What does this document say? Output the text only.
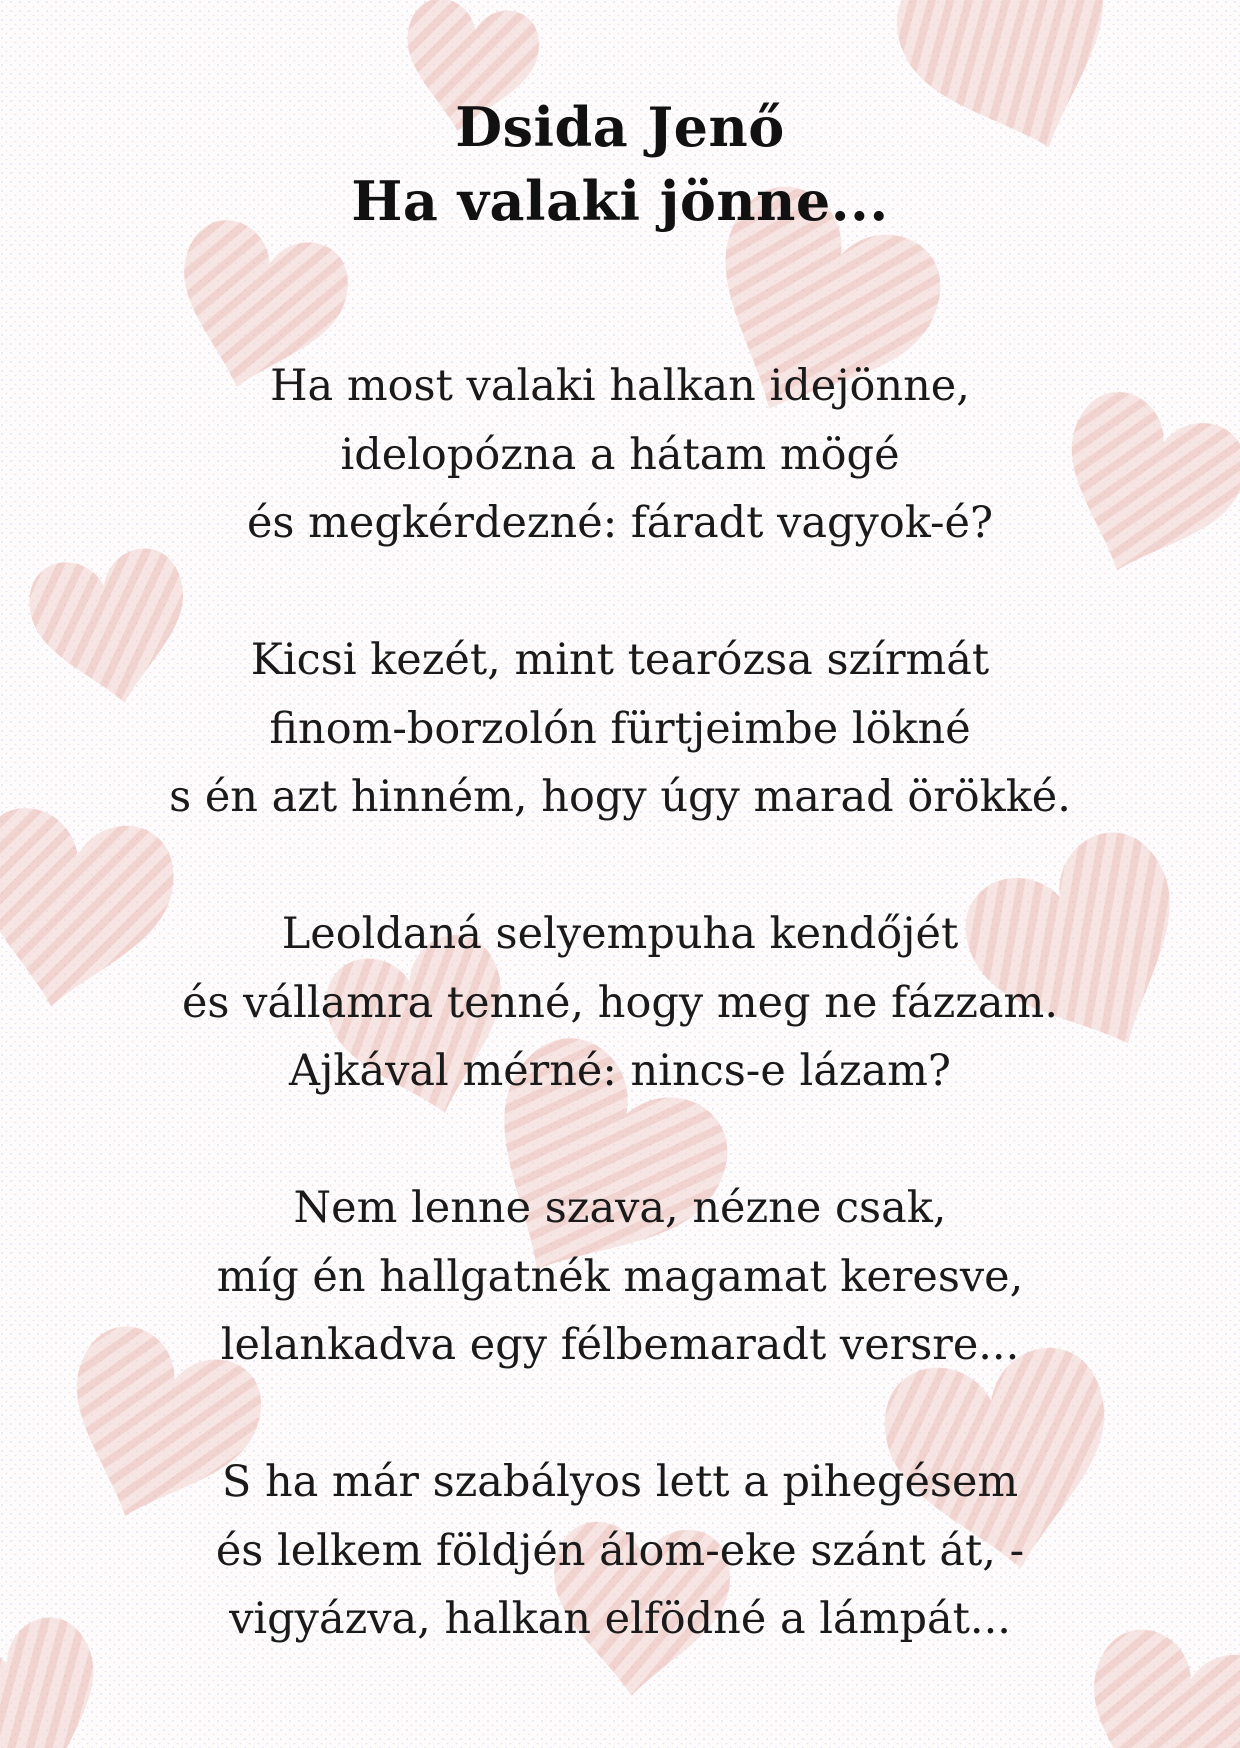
Dsida Jenő
Ha valaki jönne...
Ha most valaki halkan idejönne,
idelopózna a hátam mögé
és megkérdezné: fáradt vagyok-é?
Kicsi kezét, mint tearózsa szírmát
finom-borzolón fürtjeimbe lökné
s én azt hinném, hogy úgy marad örökké.
Leoldaná selyempuha kendőjét
és vállamra tenné, hogy meg ne fázzam.
Ajkával mérné: nincs-e lázam?
Nem lenne szava, nézne csak,
míg én hallgatnék magamat keresve,
lelankadva egy félbemaradt versre...
S ha már szabályos lett a pihegésem
és lelkem földjén álom-eke szánt át, -
vigyázva, halkan elfödné a lámpát...
